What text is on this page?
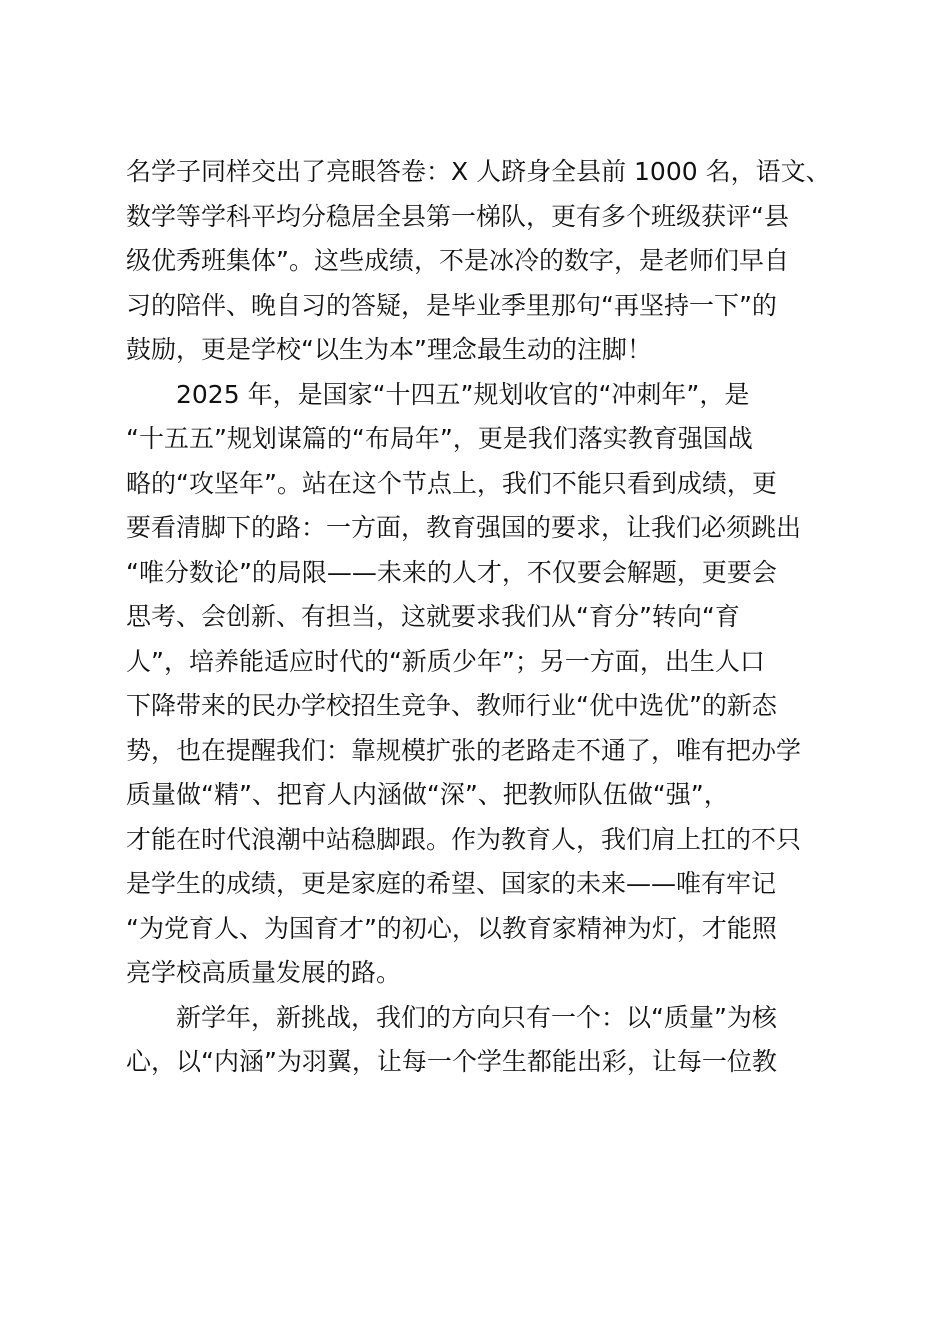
名学子同样交出了亮眼答卷：X 人跻身全县前 1000 名，语文、
数学等学科平均分稳居全县第一梯队，更有多个班级获评“县
级优秀班集体”。这些成绩，不是冰冷的数字，是老师们早自
习的陪伴、晚自习的答疑，是毕业季里那句“再坚持一下”的
鼓励，更是学校“以生为本”理念最生动的注脚！
2025 年，是国家“十四五”规划收官的“冲刺年”，是
“十五五”规划谋篇的“布局年”，更是我们落实教育强国战
略的“攻坚年”。站在这个节点上，我们不能只看到成绩，更
要看清脚下的路：一方面，教育强国的要求，让我们必须跳出
“唯分数论”的局限——未来的人才，不仅要会解题，更要会
思考、会创新、有担当，这就要求我们从“育分”转向“育
人”，培养能适应时代的“新质少年”；另一方面，出生人口
下降带来的民办学校招生竞争、教师行业“优中选优”的新态
势，也在提醒我们：靠规模扩张的老路走不通了，唯有把办学
质量做“精”、把育人内涵做“深”、把教师队伍做“强”，
才能在时代浪潮中站稳脚跟。作为教育人，我们肩上扛的不只
是学生的成绩，更是家庭的希望、国家的未来——唯有牢记
“为党育人、为国育才”的初心，以教育家精神为灯，才能照
亮学校高质量发展的路。
新学年，新挑战，我们的方向只有一个：以“质量”为核
心，以“内涵”为羽翼，让每一个学生都能出彩，让每一位教
